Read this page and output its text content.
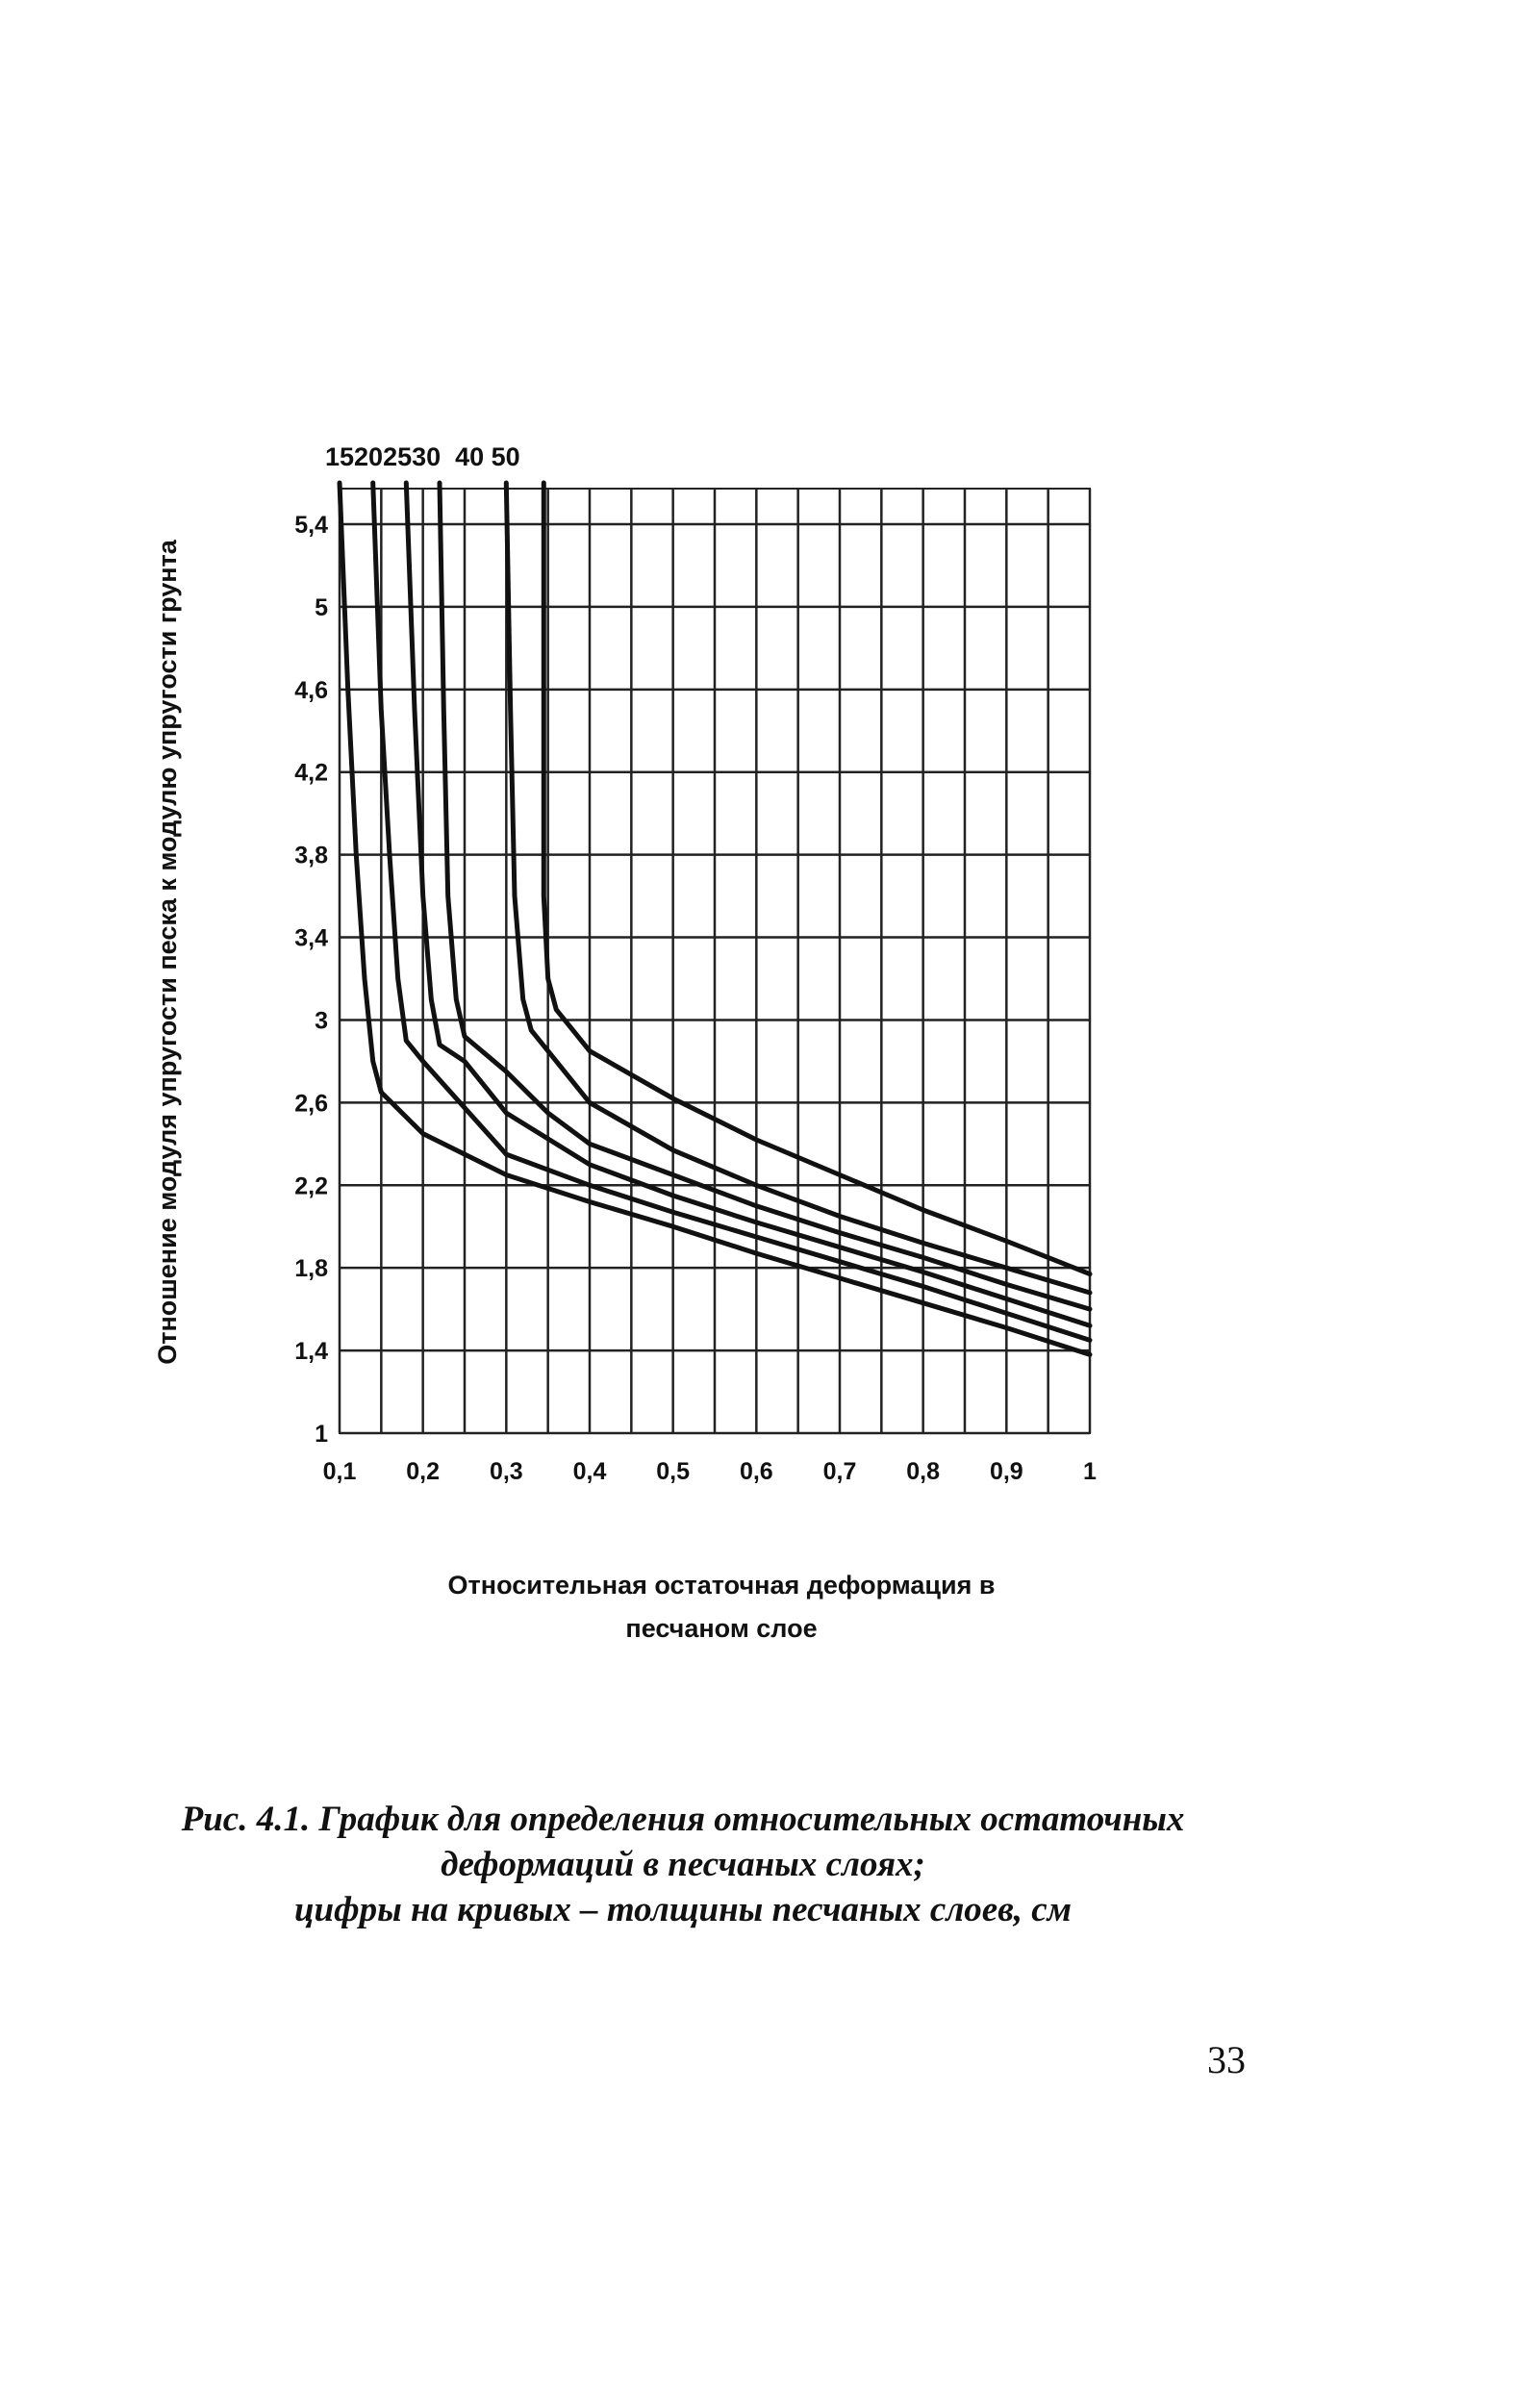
1
1,4
1,8
2,2
2,6
3
3,4
3,8
4,2
4,6
5
5,4
0,1 0,2 0,3 0,4 0,5 0,6 0,7 0,8 0,9 1
15202530  40 50
Отношение модуля упругости песка к модулю упругости грунта
Относительная остаточная деформация в
песчаном слое
Рис. 4.1. График для определения относительных остаточных
деформаций в песчаных слоях;
цифры на кривых – толщины песчаных слоев, см
33
